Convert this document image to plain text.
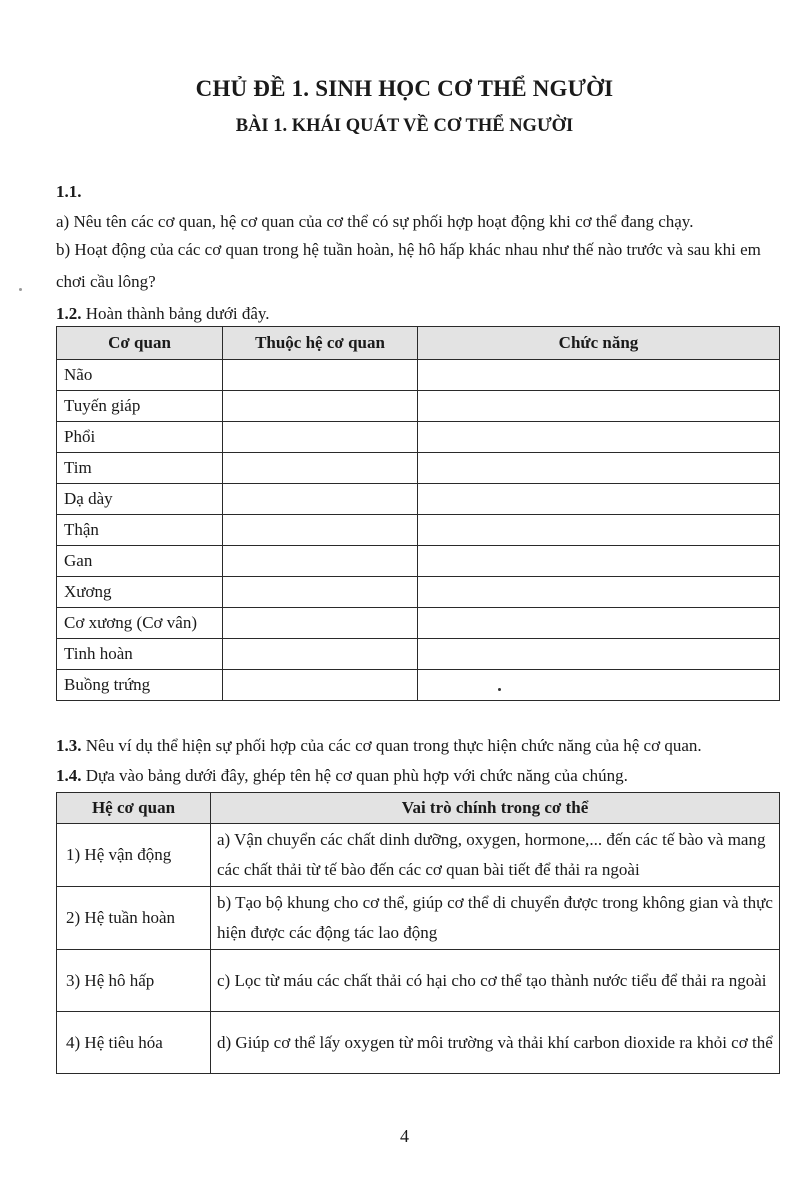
CHỦ ĐỀ 1. SINH HỌC CƠ THỂ NGƯỜI
BÀI 1. KHÁI QUÁT VỀ CƠ THỂ NGƯỜI
1.1.
a) Nêu tên các cơ quan, hệ cơ quan của cơ thể có sự phối hợp hoạt động khi cơ thể đang chạy.
b) Hoạt động của các cơ quan trong hệ tuần hoàn, hệ hô hấp khác nhau như thế nào trước và sau khi em chơi cầu lông?
1.2. Hoàn thành bảng dưới đây.
Cơ quan	Thuộc hệ cơ quan	Chức năng
Não		
Tuyến giáp		
Phổi		
Tim		
Dạ dày		
Thận		
Gan		
Xương		
Cơ xương (Cơ vân)		
Tinh hoàn		
Buồng trứng		
1.3. Nêu ví dụ thể hiện sự phối hợp của các cơ quan trong thực hiện chức năng của hệ cơ quan.
1.4. Dựa vào bảng dưới đây, ghép tên hệ cơ quan phù hợp với chức năng của chúng.
Hệ cơ quan	Vai trò chính trong cơ thể
1) Hệ vận động	a) Vận chuyển các chất dinh dưỡng, oxygen, hormone,... đến các tế bào và mang các chất thải từ tế bào đến các cơ quan bài tiết để thải ra ngoài
2) Hệ tuần hoàn	b) Tạo bộ khung cho cơ thể, giúp cơ thể di chuyển được trong không gian và thực hiện được các động tác lao động
3) Hệ hô hấp	c) Lọc từ máu các chất thải có hại cho cơ thể tạo thành nước tiểu để thải ra ngoài
4) Hệ tiêu hóa	d) Giúp cơ thể lấy oxygen từ môi trường và thải khí carbon dioxide ra khỏi cơ thể
4
